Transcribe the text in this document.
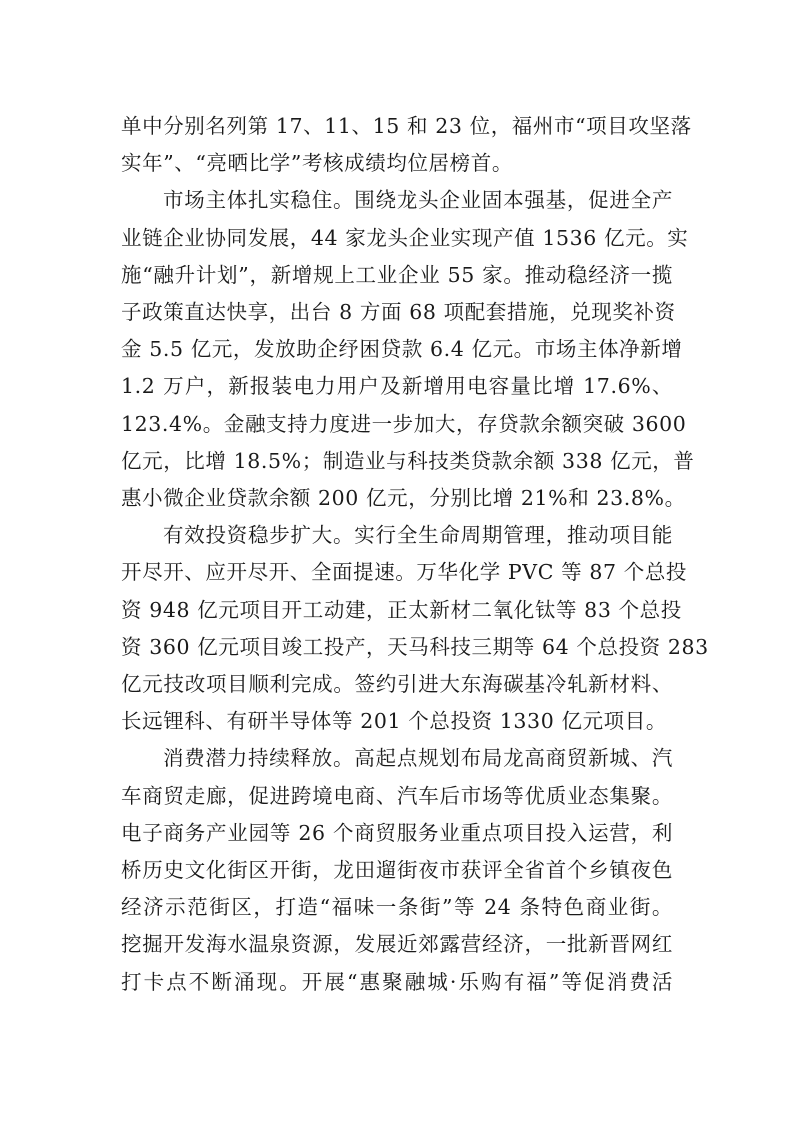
单中分别名列第 17、11、15 和 23 位，福州市“项目攻坚落
实年”、“亮晒比学”考核成绩均位居榜首。
市场主体扎实稳住。围绕龙头企业固本强基，促进全产
业链企业协同发展，44 家龙头企业实现产值 1536 亿元。实
施“融升计划”，新增规上工业企业 55 家。推动稳经济一揽
子政策直达快享，出台 8 方面 68 项配套措施，兑现奖补资
金 5.5 亿元，发放助企纾困贷款 6.4 亿元。市场主体净新增
1.2 万户，新报装电力用户及新增用电容量比增 17.6%、
123.4%。金融支持力度进一步加大，存贷款余额突破 3600
亿元，比增 18.5%；制造业与科技类贷款余额 338 亿元，普
惠小微企业贷款余额 200 亿元，分别比增 21%和 23.8%。
有效投资稳步扩大。实行全生命周期管理，推动项目能
开尽开、应开尽开、全面提速。万华化学 PVC 等 87 个总投
资 948 亿元项目开工动建，正太新材二氧化钛等 83 个总投
资 360 亿元项目竣工投产，天马科技三期等 64 个总投资 283
亿元技改项目顺利完成。签约引进大东海碳基冷轧新材料、
长远锂科、有研半导体等 201 个总投资 1330 亿元项目。
消费潜力持续释放。高起点规划布局龙高商贸新城、汽
车商贸走廊，促进跨境电商、汽车后市场等优质业态集聚。
电子商务产业园等 26 个商贸服务业重点项目投入运营，利
桥历史文化街区开街，龙田遛街夜市获评全省首个乡镇夜色
经济示范街区，打造“福味一条街”等 24 条特色商业街。
挖掘开发海水温泉资源，发展近郊露营经济，一批新晋网红
打卡点不断涌现。开展“惠聚融城·乐购有福”等促消费活
